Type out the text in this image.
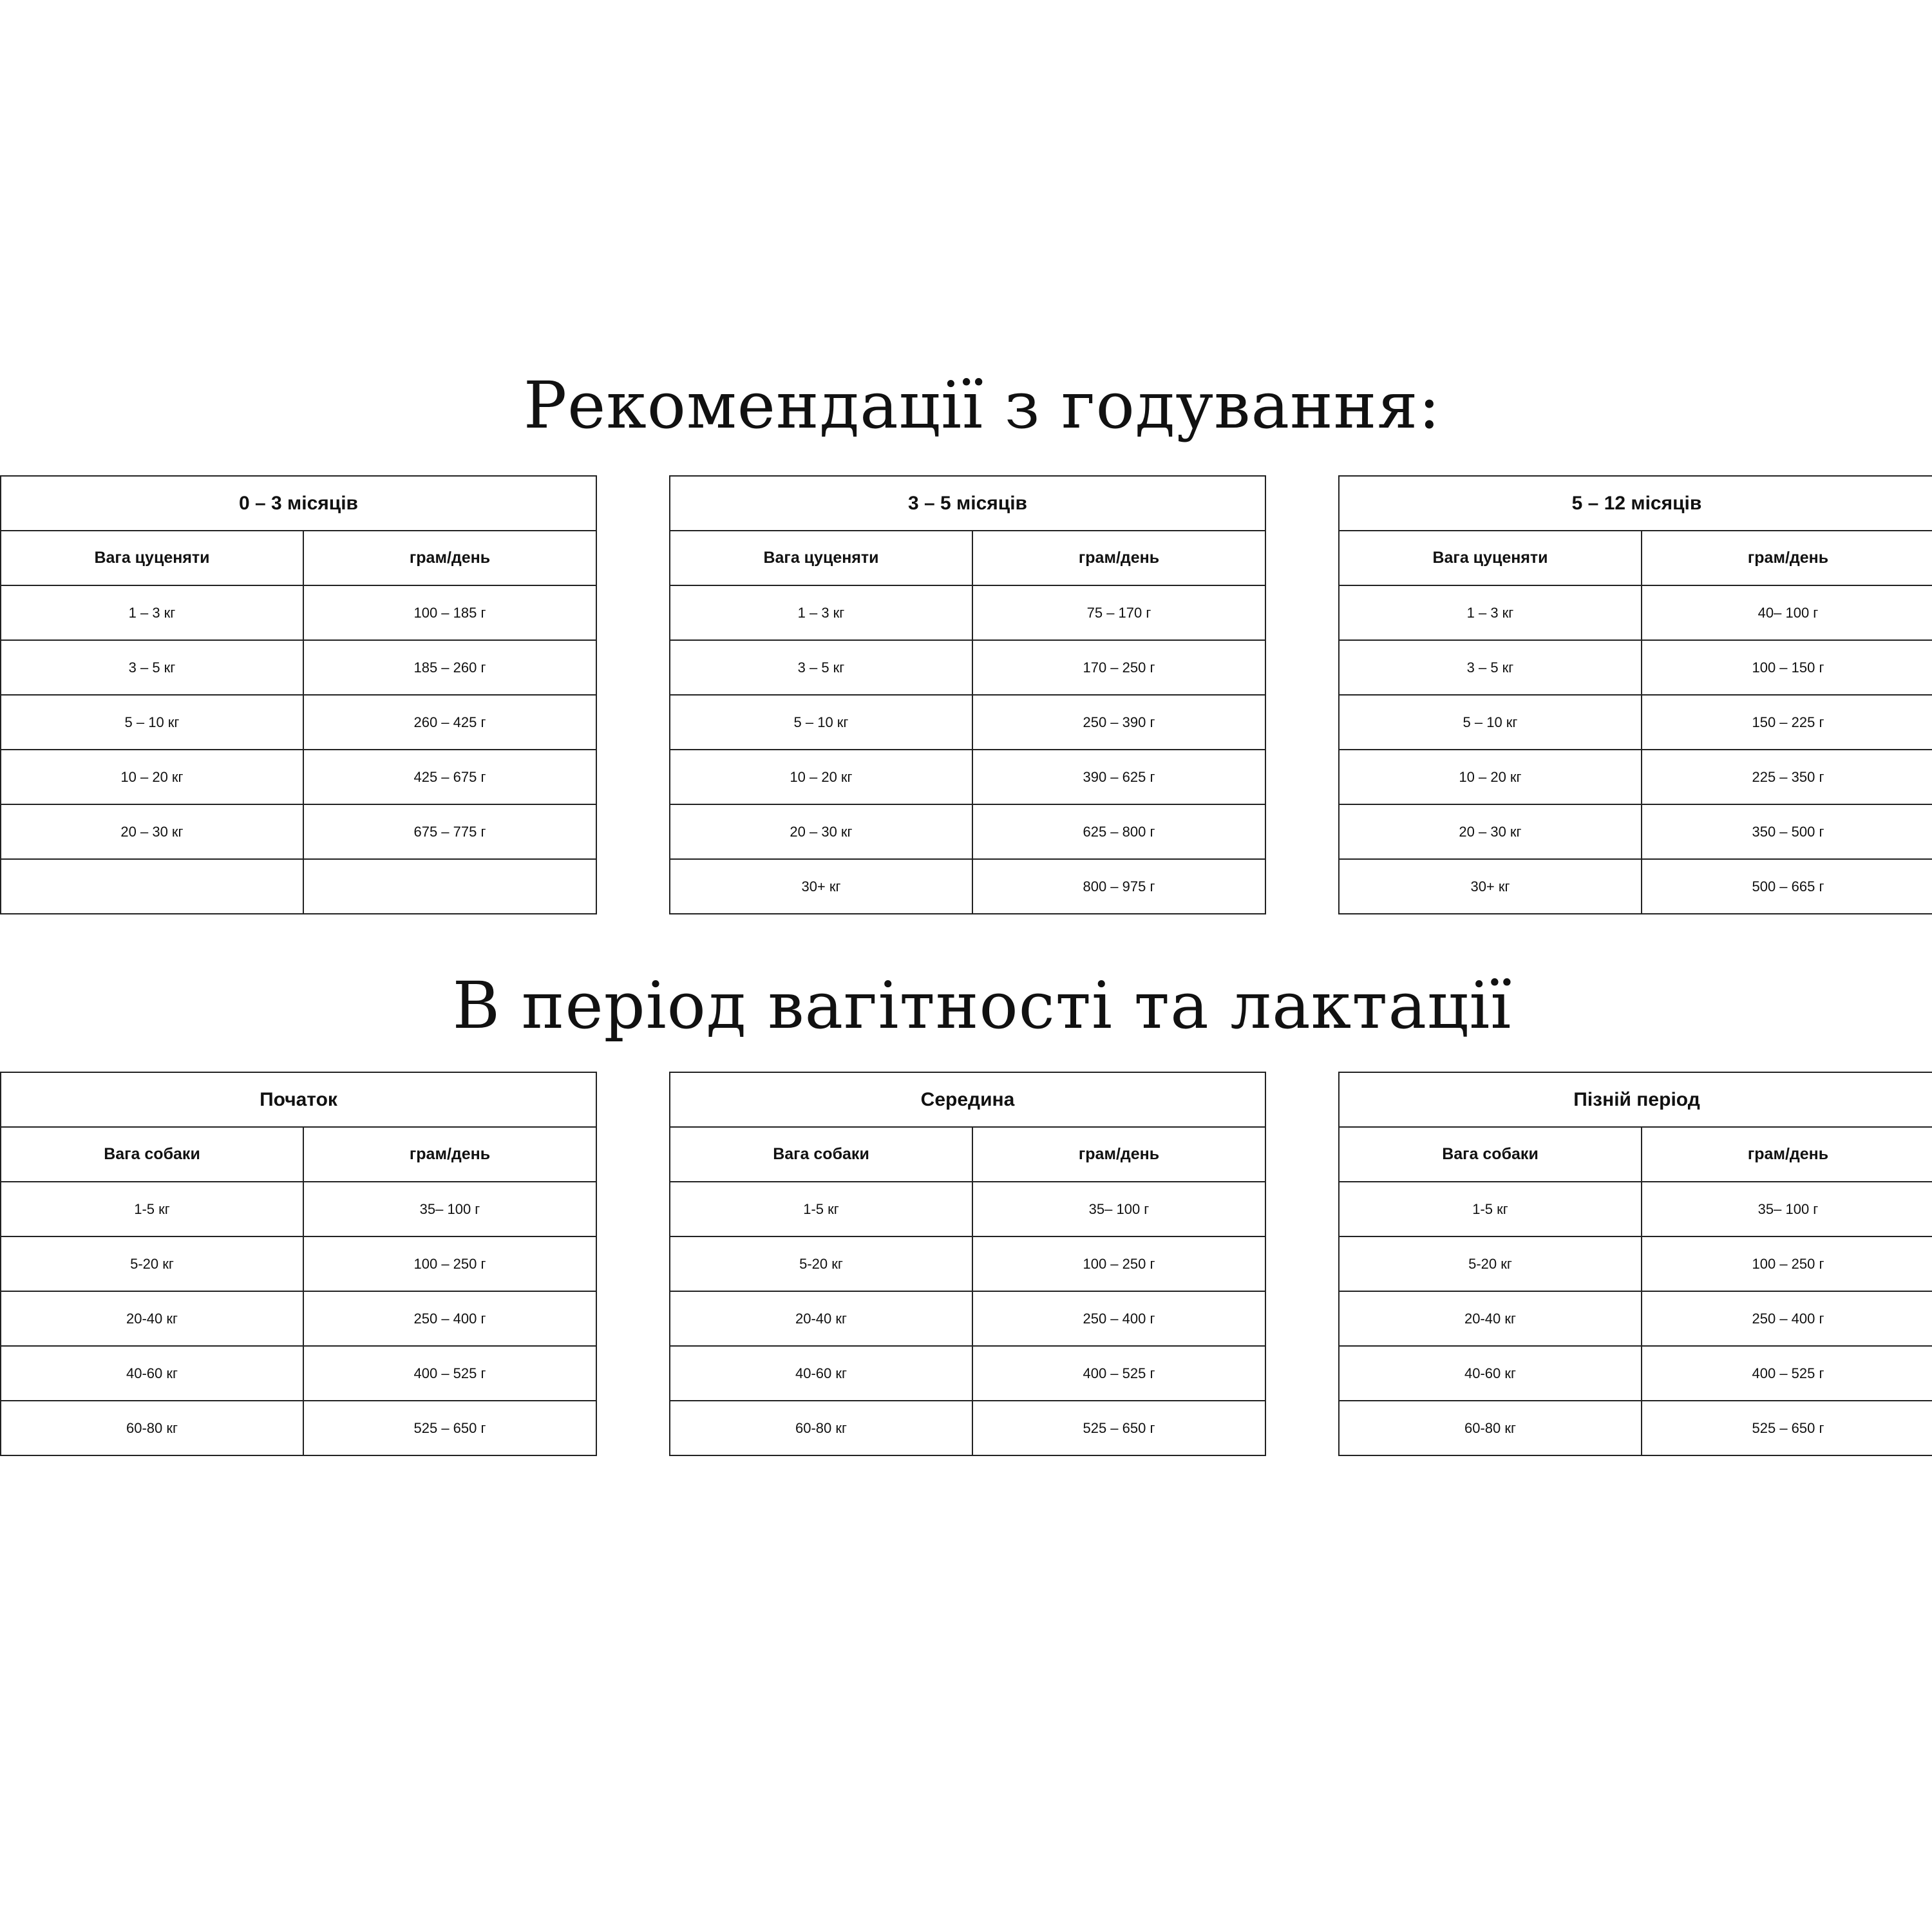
Рекомендації з годування:
0 – 3 місяців	
Вага цуценяти	грам/день
1 – 3 кг	100 – 185 г
3 – 5 кг	185 – 260 г
5 – 10 кг	260 – 425 г
10 – 20 кг	425 – 675 г
20 – 30 кг	675 – 775 г

3 – 5 місяців	
Вага цуценяти	грам/день
1 – 3 кг	75 – 170 г
3 – 5 кг	170 – 250 г
5 – 10 кг	250 – 390 г
10 – 20 кг	390 – 625 г
20 – 30 кг	625 – 800 г
30+ кг	800 – 975 г
5 – 12 місяців	
Вага цуценяти	грам/день
1 – 3 кг	40– 100 г
3 – 5 кг	100 – 150 г
5 – 10 кг	150 – 225 г
10 – 20 кг	225 – 350 г
20 – 30 кг	350 – 500 г
30+ кг	500 – 665 г
В період вагітності та лактації
Початок	
Вага собаки	грам/день
1-5 кг	35– 100 г
5-20 кг	100 – 250 г
20-40 кг	250 – 400 г
40-60 кг	400 – 525 г
60-80 кг	525 – 650 г
Середина	
Вага собаки	грам/день
1-5 кг	35– 100 г
5-20 кг	100 – 250 г
20-40 кг	250 – 400 г
40-60 кг	400 – 525 г
60-80 кг	525 – 650 г
Пізній період	
Вага собаки	грам/день
1-5 кг	35– 100 г
5-20 кг	100 – 250 г
20-40 кг	250 – 400 г
40-60 кг	400 – 525 г
60-80 кг	525 – 650 г
